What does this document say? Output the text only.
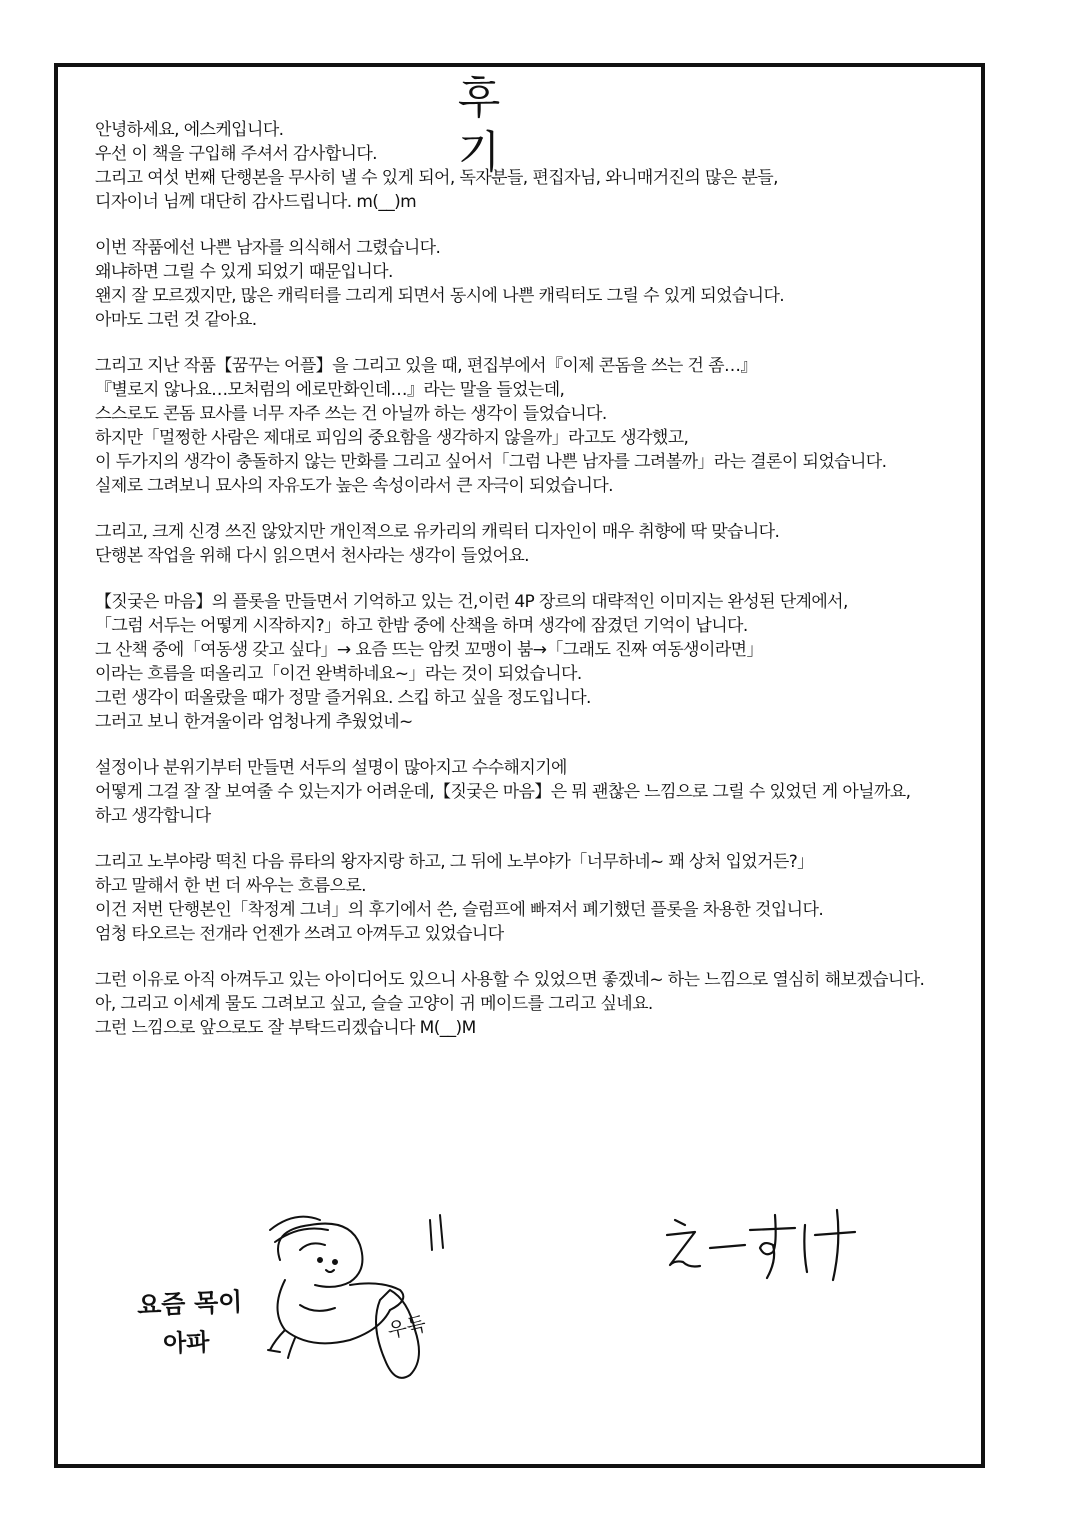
후 기
안녕하세요, 에스케입니다.
우선 이 책을 구입해 주셔서 감사합니다.
그리고 여섯 번째 단행본을 무사히 낼 수 있게 되어, 독자분들, 편집자님, 와니매거진의 많은 분들,
디자이너 님께 대단히 감사드립니다. m(__)m
이번 작품에선 나쁜 남자를 의식해서 그렸습니다.
왜냐하면 그릴 수 있게 되었기 때문입니다.
왠지 잘 모르겠지만, 많은 캐릭터를 그리게 되면서 동시에 나쁜 캐릭터도 그릴 수 있게 되었습니다.
아마도 그런 것 같아요.
그리고 지난 작품【꿈꾸는 어플】을 그리고 있을 때, 편집부에서『이제 콘돔을 쓰는 건 좀…』
『별로지 않나요…모처럼의 에로만화인데…』라는 말을 들었는데,
스스로도 콘돔 묘사를 너무 자주 쓰는 건 아닐까 하는 생각이 들었습니다.
하지만「멀쩡한 사람은 제대로 피임의 중요함을 생각하지 않을까」라고도 생각했고,
이 두가지의 생각이 충돌하지 않는 만화를 그리고 싶어서「그럼 나쁜 남자를 그려볼까」라는 결론이 되었습니다.
실제로 그려보니 묘사의 자유도가 높은 속성이라서 큰 자극이 되었습니다.
그리고, 크게 신경 쓰진 않았지만 개인적으로 유카리의 캐릭터 디자인이 매우 취향에 딱 맞습니다.
단행본 작업을 위해 다시 읽으면서 천사라는 생각이 들었어요.
【짓궂은 마음】의 플롯을 만들면서 기억하고 있는 건,이런 4P 장르의 대략적인 이미지는 완성된 단계에서,
「그럼 서두는 어떻게 시작하지?」하고 한밤 중에 산책을 하며 생각에 잠겼던 기억이 납니다.
그 산책 중에「여동생 갖고 싶다」→ 요즘 뜨는 암컷 꼬맹이 붐→「그래도 진짜 여동생이라면」
이라는 흐름을 떠올리고「이건 완벽하네요~」라는 것이 되었습니다.
그런 생각이 떠올랐을 때가 정말 즐거워요. 스킵 하고 싶을 정도입니다.
그러고 보니 한겨울이라 엄청나게 추웠었네~
설정이나 분위기부터 만들면 서두의 설명이 많아지고 수수해지기에
어떻게 그걸 잘 잘 보여줄 수 있는지가 어려운데,【짓궂은 마음】은 뭐 괜찮은 느낌으로 그릴 수 있었던 게 아닐까요,
하고 생각합니다
그리고 노부야랑 떡친 다음 류타의 왕자지랑 하고, 그 뒤에 노부야가「너무하네~ 꽤 상처 입었거든?」
하고 말해서 한 번 더 싸우는 흐름으로.
이건 저번 단행본인「착정계 그녀」의 후기에서 쓴, 슬럼프에 빠져서 폐기했던 플롯을 차용한 것입니다.
엄청 타오르는 전개라 언젠가 쓰려고 아껴두고 있었습니다
그런 이유로 아직 아껴두고 있는 아이디어도 있으니 사용할 수 있었으면 좋겠네~ 하는 느낌으로 열심히 해보겠습니다.
아, 그리고 이세계 물도 그려보고 싶고, 슬슬 고양이 귀 메이드를 그리고 싶네요.
그런 느낌으로 앞으로도 잘 부탁드리겠습니다 M(__)M
요즘 목이
아파
우득
